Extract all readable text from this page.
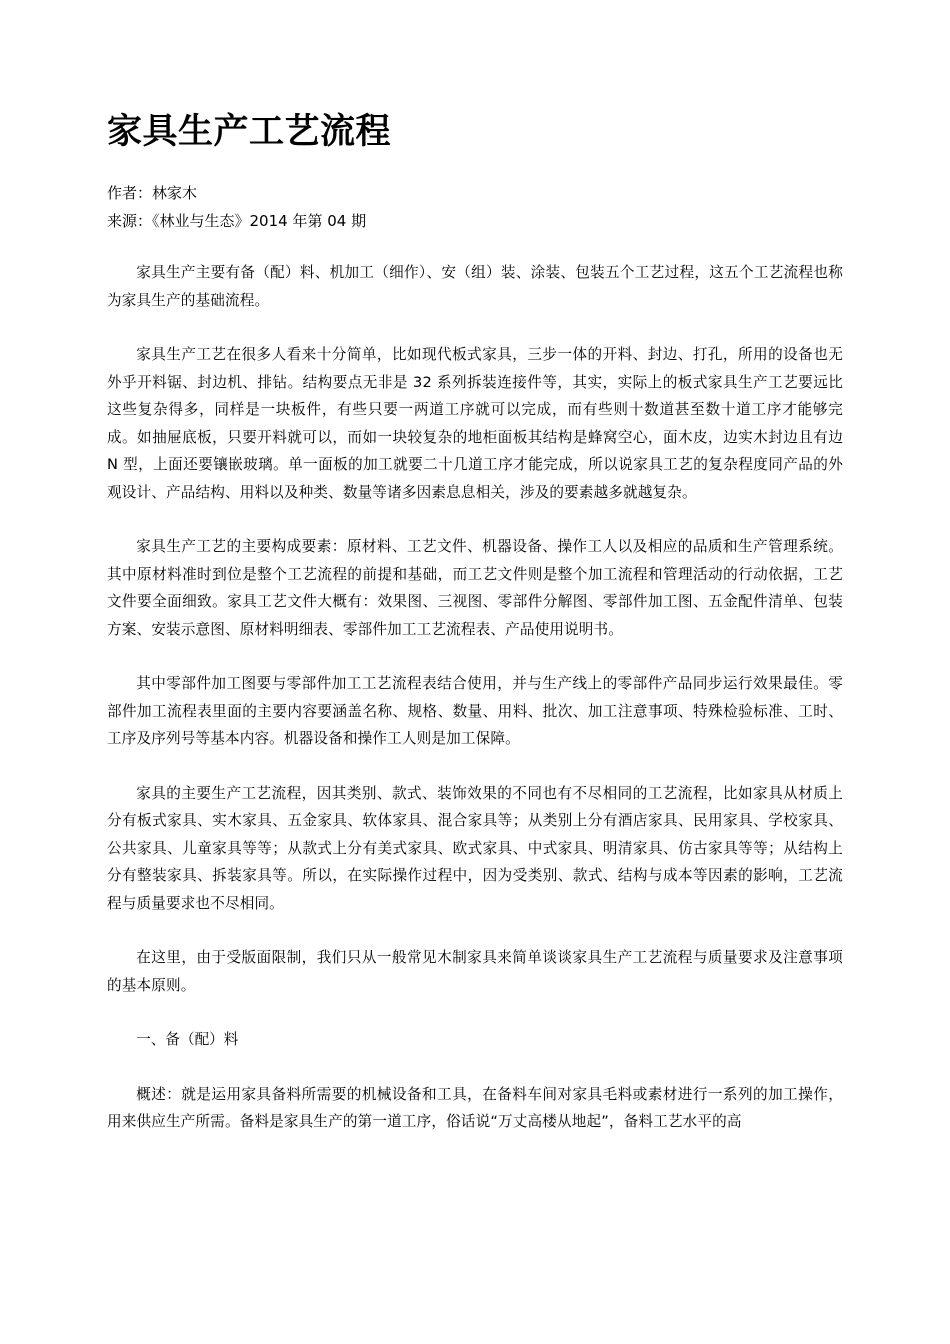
家具生产工艺流程
作者：林家木
来源：《林业与生态》2014 年第 04 期

家具生产主要有备（配）料、机加工（细作）、安（组）装、涂装、包装五个工艺过程，这五个工艺流程也称为家具生产的基础流程。

家具生产工艺在很多人看来十分简单，比如现代板式家具，三步一体的开料、封边、打孔，所用的设备也无外乎开料锯、封边机、排钻。结构要点无非是 32 系列拆装连接件等，其实，实际上的板式家具生产工艺要远比这些复杂得多，同样是一块板件，有些只要一两道工序就可以完成，而有些则十数道甚至数十道工序才能够完成。如抽屉底板，只要开料就可以，而如一块较复杂的地柜面板其结构是蜂窝空心，面木皮，边实木封边且有边 N 型，上面还要镶嵌玻璃。单一面板的加工就要二十几道工序才能完成，所以说家具工艺的复杂程度同产品的外观设计、产品结构、用料以及种类、数量等诸多因素息息相关，涉及的要素越多就越复杂。

家具生产工艺的主要构成要素：原材料、工艺文件、机器设备、操作工人以及相应的品质和生产管理系统。其中原材料准时到位是整个工艺流程的前提和基础，而工艺文件则是整个加工流程和管理活动的行动依据，工艺文件要全面细致。家具工艺文件大概有：效果图、三视图、零部件分解图、零部件加工图、五金配件清单、包装方案、安装示意图、原材料明细表、零部件加工工艺流程表、产品使用说明书。

其中零部件加工图要与零部件加工工艺流程表结合使用，并与生产线上的零部件产品同步运行效果最佳。零部件加工流程表里面的主要内容要涵盖名称、规格、数量、用料、批次、加工注意事项、特殊检验标准、工时、工序及序列号等基本内容。机器设备和操作工人则是加工保障。

家具的主要生产工艺流程，因其类别、款式、装饰效果的不同也有不尽相同的工艺流程，比如家具从材质上分有板式家具、实木家具、五金家具、软体家具、混合家具等；从类别上分有酒店家具、民用家具、学校家具、公共家具、儿童家具等等；从款式上分有美式家具、欧式家具、中式家具、明清家具、仿古家具等等；从结构上分有整装家具、拆装家具等。所以，在实际操作过程中，因为受类别、款式、结构与成本等因素的影响，工艺流程与质量要求也不尽相同。

在这里，由于受版面限制，我们只从一般常见木制家具来简单谈谈家具生产工艺流程与质量要求及注意事项的基本原则。

一、备（配）料

概述：就是运用家具备料所需要的机械设备和工具，在备料车间对家具毛料或素材进行一系列的加工操作，用来供应生产所需。备料是家具生产的第一道工序，俗话说“万丈高楼从地起”，备料工艺水平的高
